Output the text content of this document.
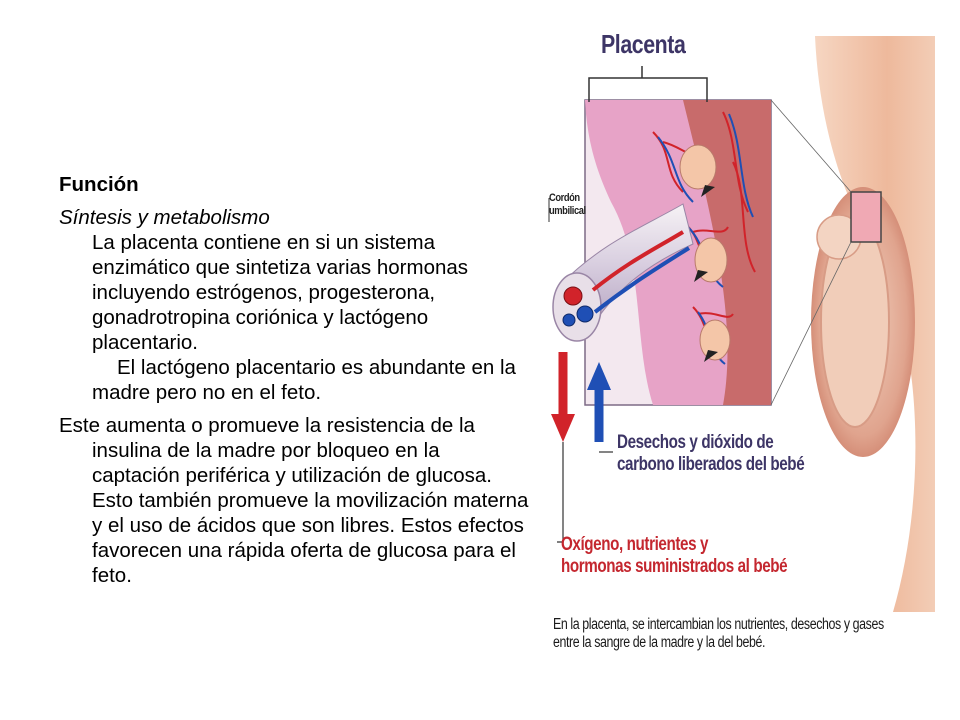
Función

Síntesis y metabolismo

La placenta contiene en si un sistema enzimático que sintetiza varias hormonas incluyendo estrógenos, progesterona, gonadrotropina coriónica y lactógeno placentario.

El lactógeno placentario es abundante en la madre pero no en el feto.

Este aumenta o promueve la resistencia de la insulina de la madre por bloqueo en la captación periférica y utilización de glucosa. Esto también promueve la movilización materna y el uso de ácidos que son libres. Estos efectos favorecen una rápida oferta de glucosa para el feto.

Placenta
Cordón
umbilical
Desechos y dióxido de
carbono liberados del bebé
Oxígeno, nutrientes y
hormonas suministrados al bebé
En la placenta, se intercambian los nutrientes, desechos y gases
entre la sangre de la madre y la del bebé.
